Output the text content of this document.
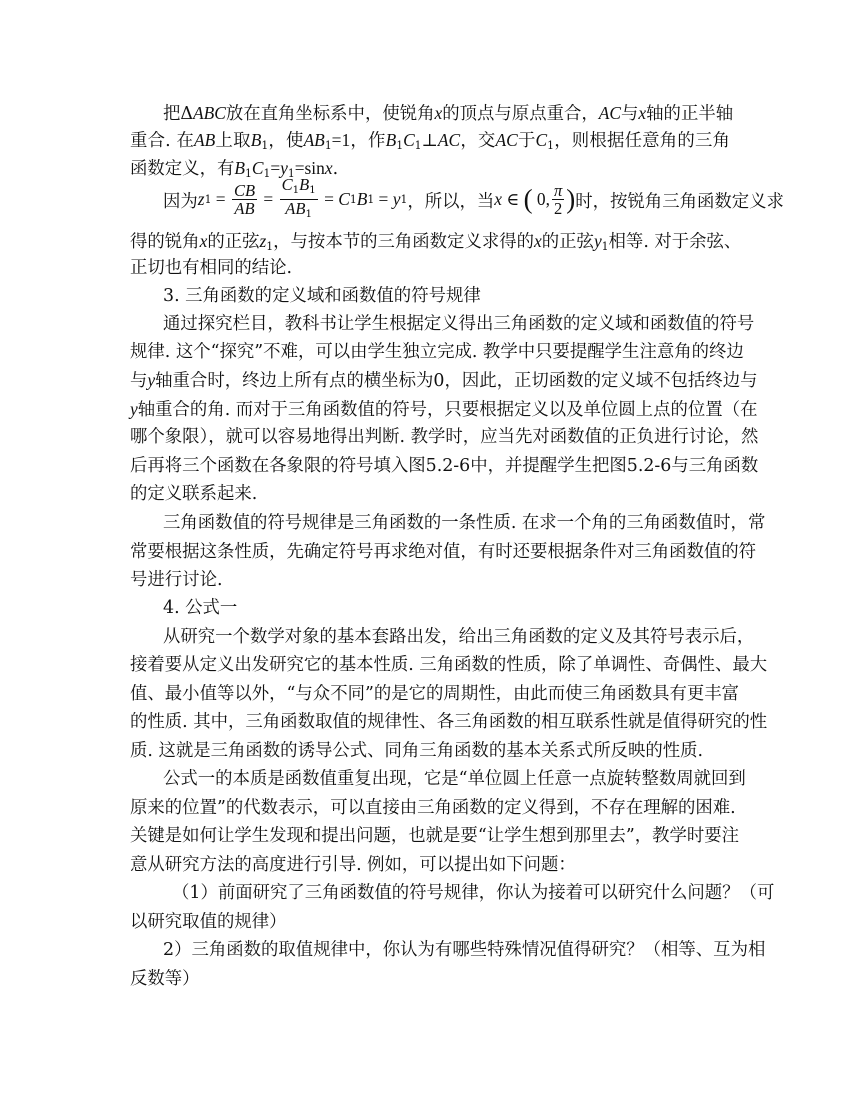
把ΔABC放在直角坐标系中，使锐角x的顶点与原点重合，AC与x轴的正半轴
重合. 在AB上取$B_1$，使$AB_1=1$，作$B_1C_1\perp AC$，交AC于$C_1$，则根据任意角的三角
函数定义，有$B_1C_1=y_1=\sin x$.
因为 z $1 = \frac{CB}{AB} = \frac{C_1B_1}{AB_1} = C$ 1 B 1 = y 1 ，所以，当 x ∈ ( 0, $\frac{\pi}{2}$ ) 时，按锐角三角函数定义求
得的锐角x的正弦$z_1$，与按本节的三角函数定义求得的x的正弦$y_1$相等. 对于余弦、
正切也有相同的结论.
3. 三角函数的定义域和函数值的符号规律
通过探究栏目，教科书让学生根据定义得出三角函数的定义域和函数值的符号
规律. 这个“探究”不难，可以由学生独立完成. 教学中只要提醒学生注意角的终边
与y轴重合时，终边上所有点的横坐标为0，因此，正切函数的定义域不包括终边与
y轴重合的角. 而对于三角函数值的符号，只要根据定义以及单位圆上点的位置（在
哪个象限），就可以容易地得出判断. 教学时，应当先对函数值的正负进行讨论，然
后再将三个函数在各象限的符号填入图5.2-6中，并提醒学生把图5.2-6与三角函数
的定义联系起来.
三角函数值的符号规律是三角函数的一条性质. 在求一个角的三角函数值时，常
常要根据这条性质，先确定符号再求绝对值，有时还要根据条件对三角函数值的符
号进行讨论.
4. 公式一
从研究一个数学对象的基本套路出发，给出三角函数的定义及其符号表示后，
接着要从定义出发研究它的基本性质. 三角函数的性质，除了单调性、奇偶性、最大
值、最小值等以外，“与众不同”的是它的周期性，由此而使三角函数具有更丰富
的性质. 其中，三角函数取值的规律性、各三角函数的相互联系性就是值得研究的性
质. 这就是三角函数的诱导公式、同角三角函数的基本关系式所反映的性质.
公式一的本质是函数值重复出现，它是“单位圆上任意一点旋转整数周就回到
原来的位置”的代数表示，可以直接由三角函数的定义得到，不存在理解的困难.
关键是如何让学生发现和提出问题，也就是要“让学生想到那里去”，教学时要注
意从研究方法的高度进行引导. 例如，可以提出如下问题：
（1）前面研究了三角函数值的符号规律，你认为接着可以研究什么问题？（可
以研究取值的规律）
2）三角函数的取值规律中，你认为有哪些特殊情况值得研究？（相等、互为相
反数等）
